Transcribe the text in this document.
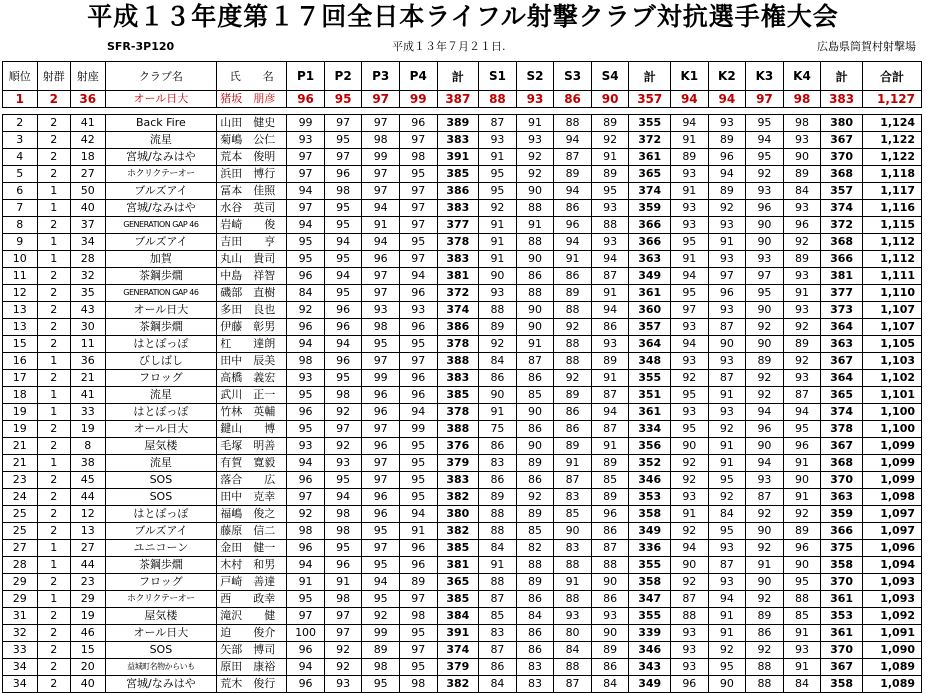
平成１３年度第１７回全日本ライフル射撃クラブ対抗選手権大会
SFR-3P120	平成１３年７月２１日.	広島県筒賀村射撃場
順位	射群	射座	クラブ名	氏　　名	P1	P2	P3	P4	計	S1	S2	S3	S4	計	K1	K2	K3	K4	計	合計
1	2	36	オール日大	猪坂　朋彦	96	95	97	99	387	88	93	86	90	357	94	94	97	98	383	1,127

2	2	41	Back Fire	山田　健史	99	97	97	96	389	87	91	88	89	355	94	93	95	98	380	1,124
3	2	42	流星	菊嶋　公仁	93	95	98	97	383	93	93	94	92	372	91	89	94	93	367	1,122
4	2	18	宮城/なみはや	荒本　俊明	97	97	99	98	391	91	92	87	91	361	89	96	95	90	370	1,122
5	2	27	ホクリクテーオー	浜田　博行	97	96	97	95	385	95	92	89	89	365	93	94	92	89	368	1,118
6	1	50	ブルズアイ	冨本　佳照	94	98	97	97	386	95	90	94	95	374	91	89	93	84	357	1,117
7	1	40	宮城/なみはや	水谷　英司	97	95	94	97	383	92	88	86	93	359	93	92	96	93	374	1,116
8	2	37	GENERATION GAP 46	岩崎　　俊	94	95	91	97	377	91	91	96	88	366	93	93	90	96	372	1,115
9	1	34	ブルズアイ	吉田　　亨	95	94	94	95	378	91	88	94	93	366	95	91	90	92	368	1,112
10	1	28	加賀	丸山　貴司	95	95	96	97	383	91	90	91	94	363	91	93	93	89	366	1,112
11	2	32	茶鋼歩燗	中島　祥智	96	94	97	94	381	90	86	86	87	349	94	97	97	93	381	1,111
12	2	35	GENERATION GAP 46	磯部　直樹	84	95	97	96	372	93	88	89	91	361	95	96	95	91	377	1,110
13	2	43	オール日大	多田　良也	92	96	93	93	374	88	90	88	94	360	97	93	90	93	373	1,107
13	2	30	茶鋼歩燗	伊藤　彰男	96	96	98	96	386	89	90	92	86	357	93	87	92	92	364	1,107
15	2	11	はとぽっぽ	杠　　達朗	94	94	95	95	378	92	91	88	93	364	94	90	90	89	363	1,105
16	1	36	びしばし	田中　辰美	98	96	97	97	388	84	87	88	89	348	93	93	89	92	367	1,103
17	2	21	フロッグ	高橋　義宏	93	95	99	96	383	86	86	92	91	355	92	87	92	93	364	1,102
18	1	41	流星	武川　正一	95	98	96	96	385	90	85	89	87	351	95	91	92	87	365	1,101
19	1	33	はとぽっぽ	竹林　英輔	96	92	96	94	378	91	90	86	94	361	93	93	94	94	374	1,100
19	2	19	オール日大	鍵山　　博	95	97	97	99	388	75	86	86	87	334	95	92	96	95	378	1,100
21	2	8	屋気楼	毛塚　明善	93	92	96	95	376	86	90	89	91	356	90	91	90	96	367	1,099
21	1	38	流星	有賀　寛毅	94	93	97	95	379	83	89	91	89	352	92	91	94	91	368	1,099
23	2	45	SOS	落合　　広	96	95	97	95	383	86	86	87	85	346	92	95	93	90	370	1,099
24	2	44	SOS	田中　克幸	97	94	96	95	382	89	92	83	89	353	93	92	87	91	363	1,098
25	2	12	はとぽっぽ	福嶋　俊之	92	98	96	94	380	88	89	85	96	358	91	84	92	92	359	1,097
25	2	13	ブルズアイ	藤原　信二	98	98	95	91	382	88	85	90	86	349	92	95	90	89	366	1,097
27	1	27	ユニコーン	金田　健一	96	95	97	96	385	84	82	83	87	336	94	93	92	96	375	1,096
28	1	44	茶鋼歩燗	木村　和男	94	96	95	96	381	91	88	88	88	355	90	87	91	90	358	1,094
29	2	23	フロッグ	戸崎　善達	91	91	94	89	365	88	89	91	90	358	92	93	90	95	370	1,093
29	1	29	ホクリクテーオー	西　　政幸	95	98	95	97	385	87	86	88	86	347	87	94	92	88	361	1,093
31	2	19	屋気楼	滝沢　　健	97	97	92	98	384	85	84	93	93	355	88	91	89	85	353	1,092
32	2	46	オール日大	迫　　俊介	100	97	99	95	391	83	86	80	90	339	93	91	86	91	361	1,091
33	2	15	SOS	矢部　博司	96	92	89	97	374	87	86	84	89	346	93	92	92	93	370	1,090
34	2	20	益城町名物からいも	原田　康裕	94	92	98	95	379	86	83	88	86	343	93	95	88	91	367	1,089
34	2	40	宮城/なみはや	荒木　俊行	96	93	95	98	382	84	83	87	84	349	96	90	88	84	358	1,089
